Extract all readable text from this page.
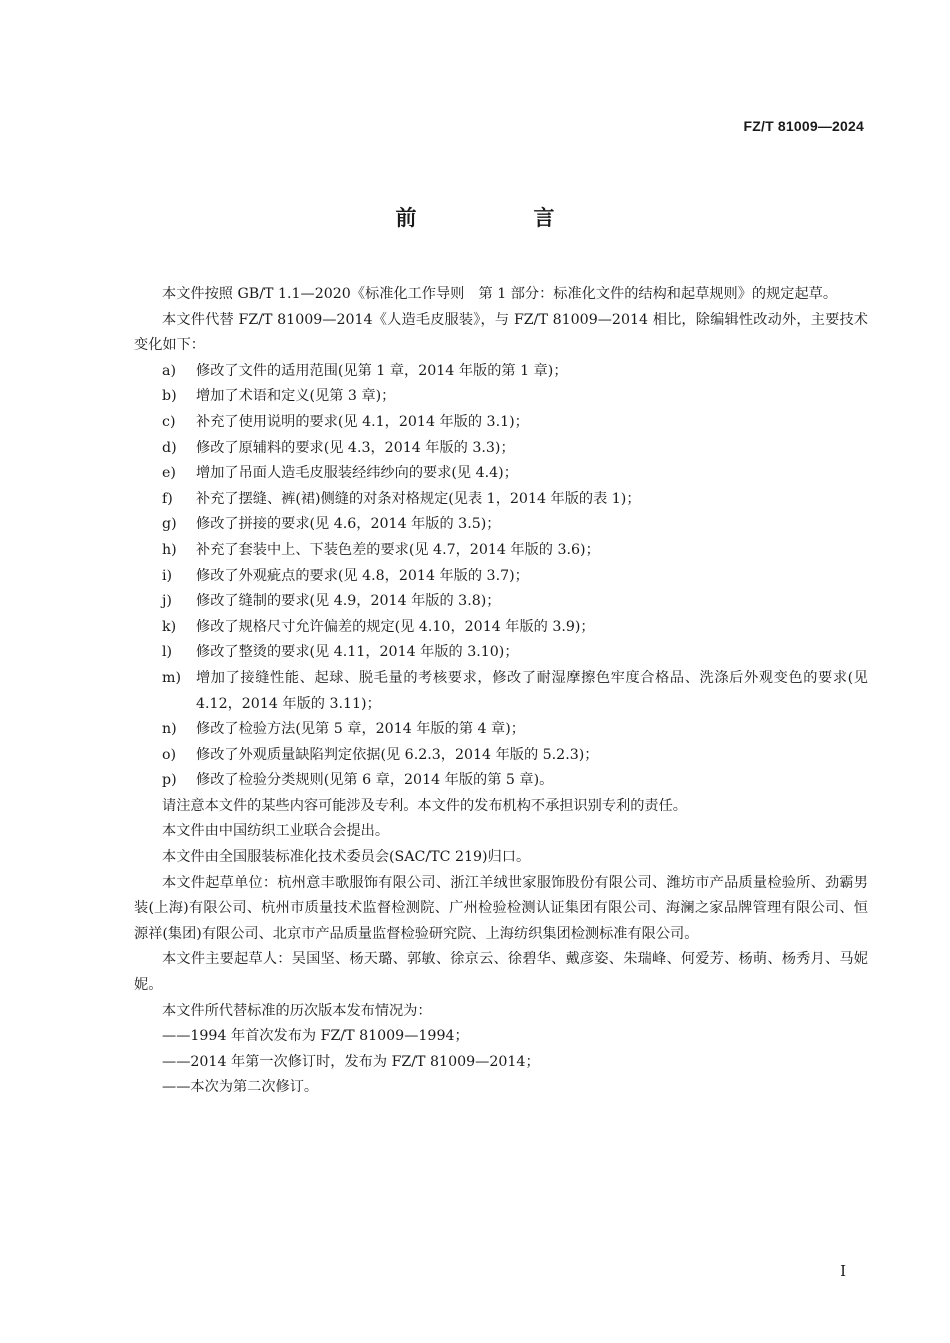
FZ/T 81009—2024
前　言

本文件按照 GB/T 1.1—2020《标准化工作导则　第 1 部分：标准化文件的结构和起草规则》的规定起草。

本文件代替 FZ/T 81009—2014《人造毛皮服装》，与 FZ/T 81009—2014 相比，除编辑性改动外，主要技术变化如下：

a)	修改了文件的适用范围(见第 1 章，2014 年版的第 1 章)；
b)	增加了术语和定义(见第 3 章)；
c)	补充了使用说明的要求(见 4.1，2014 年版的 3.1)；
d)	修改了原辅料的要求(见 4.3，2014 年版的 3.3)；
e)	增加了吊面人造毛皮服装经纬纱向的要求(见 4.4)；
f)	补充了摆缝、裤(裙)侧缝的对条对格规定(见表 1，2014 年版的表 1)；
g)	修改了拼接的要求(见 4.6，2014 年版的 3.5)；
h)	补充了套装中上、下装色差的要求(见 4.7，2014 年版的 3.6)；
i)	修改了外观疵点的要求(见 4.8，2014 年版的 3.7)；
j)	修改了缝制的要求(见 4.9，2014 年版的 3.8)；
k)	修改了规格尺寸允许偏差的规定(见 4.10，2014 年版的 3.9)；
l)	修改了整烫的要求(见 4.11，2014 年版的 3.10)；
m)	增加了接缝性能、起球、脱毛量的考核要求，修改了耐湿摩擦色牢度合格品、洗涤后外观变色的要求(见 4.12，2014 年版的 3.11)；
n)	修改了检验方法(见第 5 章，2014 年版的第 4 章)；
o)	修改了外观质量缺陷判定依据(见 6.2.3，2014 年版的 5.2.3)；
p)	修改了检验分类规则(见第 6 章，2014 年版的第 5 章)。

请注意本文件的某些内容可能涉及专利。本文件的发布机构不承担识别专利的责任。

本文件由中国纺织工业联合会提出。

本文件由全国服装标准化技术委员会(SAC/TC 219)归口。

本文件起草单位：杭州意丰歌服饰有限公司、浙江羊绒世家服饰股份有限公司、潍坊市产品质量检验所、劲霸男装(上海)有限公司、杭州市质量技术监督检测院、广州检验检测认证集团有限公司、海澜之家品牌管理有限公司、恒源祥(集团)有限公司、北京市产品质量监督检验研究院、上海纺织集团检测标准有限公司。

本文件主要起草人：吴国坚、杨天璐、郭敏、徐京云、徐碧华、戴彦姿、朱瑞峰、何爱芳、杨萌、杨秀月、马妮妮。

本文件所代替标准的历次版本发布情况为：

——1994 年首次发布为 FZ/T 81009—1994；

——2014 年第一次修订时，发布为 FZ/T 81009—2014；

——本次为第二次修订。

I
